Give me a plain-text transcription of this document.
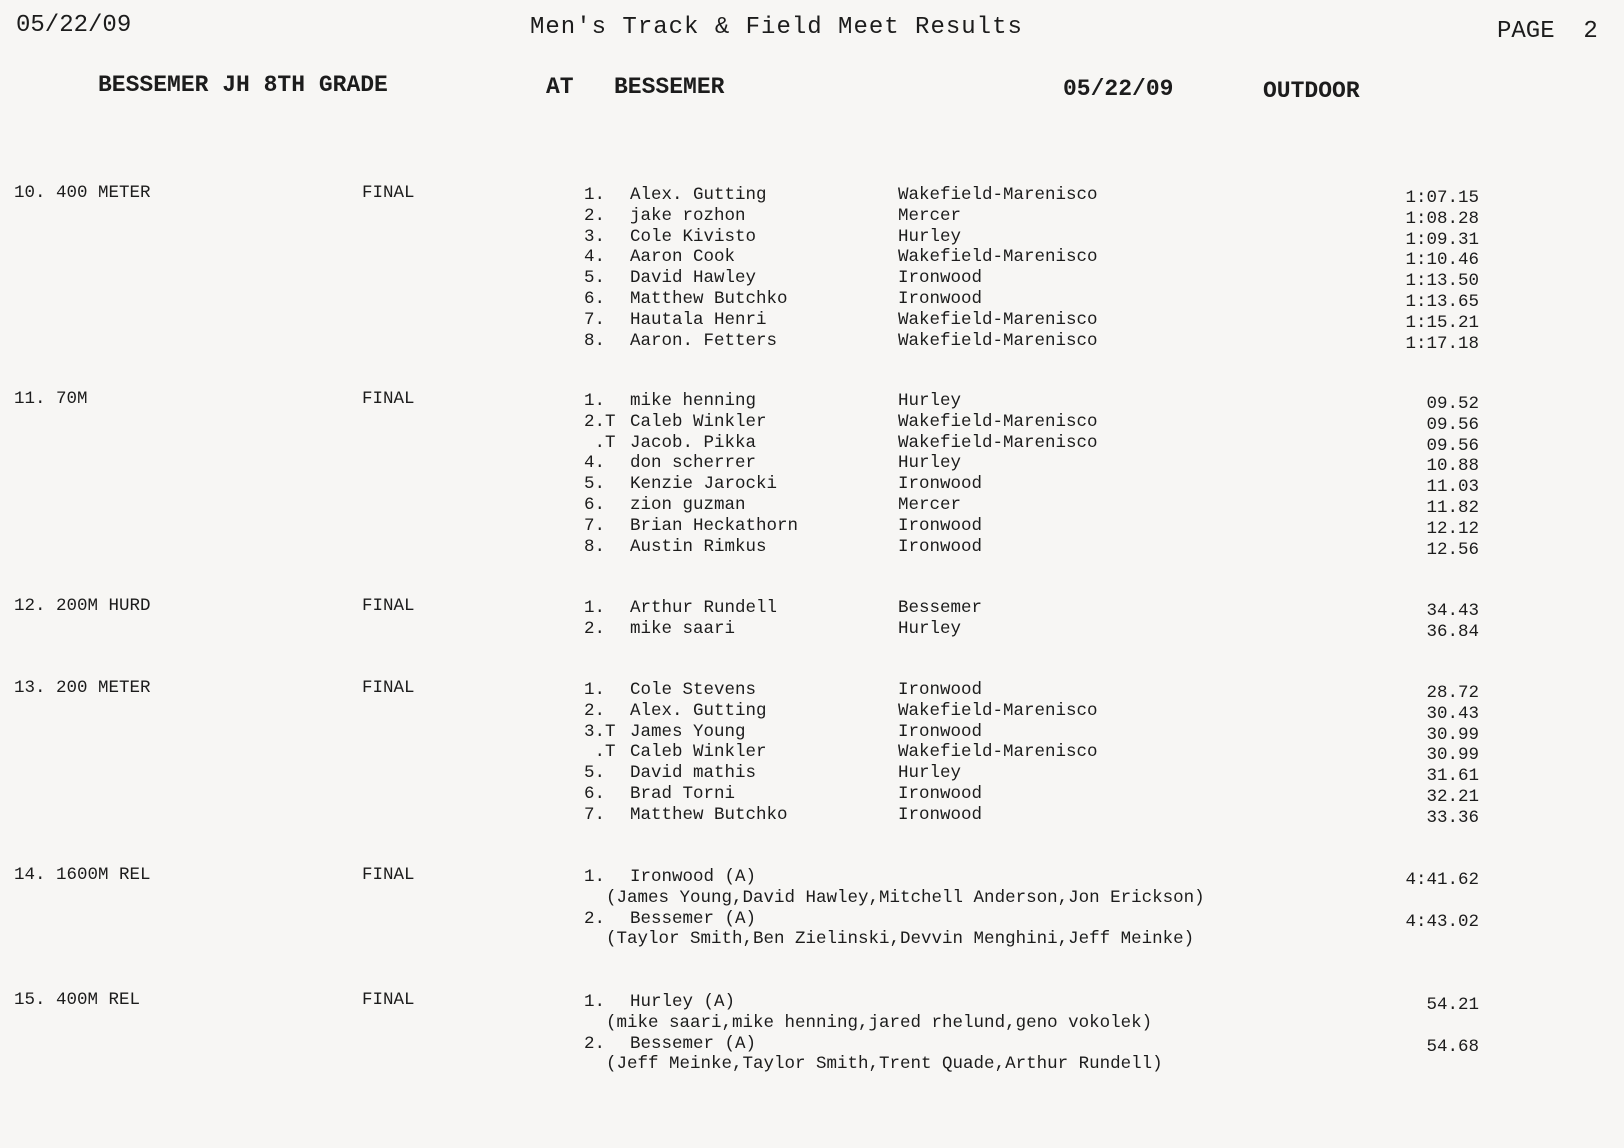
05/22/09	Men's Track & Field Meet Results	PAGE  2
BESSEMER JH 8TH GRADE	AT BESSEMER	05/22/09	OUTDOOR
10. 400 METER	FINAL	1. Alex. Gutting	Wakefield-Marenisco	1:07.15
2. jake rozhon	Mercer	1:08.28
3. Cole Kivisto	Hurley	1:09.31
4. Aaron Cook	Wakefield-Marenisco	1:10.46
5. David Hawley	Ironwood	1:13.50
6. Matthew Butchko	Ironwood	1:13.65
7. Hautala Henri	Wakefield-Marenisco	1:15.21
8. Aaron. Fetters	Wakefield-Marenisco	1:17.18
11. 70M	FINAL	1. mike henning	Hurley	09.52
2.T Caleb Winkler	Wakefield-Marenisco	09.56
.T Jacob. Pikka	Wakefield-Marenisco	09.56
4. don scherrer	Hurley	10.88
5. Kenzie Jarocki	Ironwood	11.03
6. zion guzman	Mercer	11.82
7. Brian Heckathorn	Ironwood	12.12
8. Austin Rimkus	Ironwood	12.56
12. 200M HURD	FINAL	1. Arthur Rundell	Bessemer	34.43
2. mike saari	Hurley	36.84
13. 200 METER	FINAL	1. Cole Stevens	Ironwood	28.72
2. Alex. Gutting	Wakefield-Marenisco	30.43
3.T James Young	Ironwood	30.99
.T Caleb Winkler	Wakefield-Marenisco	30.99
5. David mathis	Hurley	31.61
6. Brad Torni	Ironwood	32.21
7. Matthew Butchko	Ironwood	33.36
14. 1600M REL	FINAL	1. Ironwood (A)	4:41.62
(James Young,David Hawley,Mitchell Anderson,Jon Erickson)
2. Bessemer (A)	4:43.02
(Taylor Smith,Ben Zielinski,Devvin Menghini,Jeff Meinke)
15. 400M REL	FINAL	1. Hurley (A)	54.21
(mike saari,mike henning,jared rhelund,geno vokolek)
2. Bessemer (A)	54.68
(Jeff Meinke,Taylor Smith,Trent Quade,Arthur Rundell)
